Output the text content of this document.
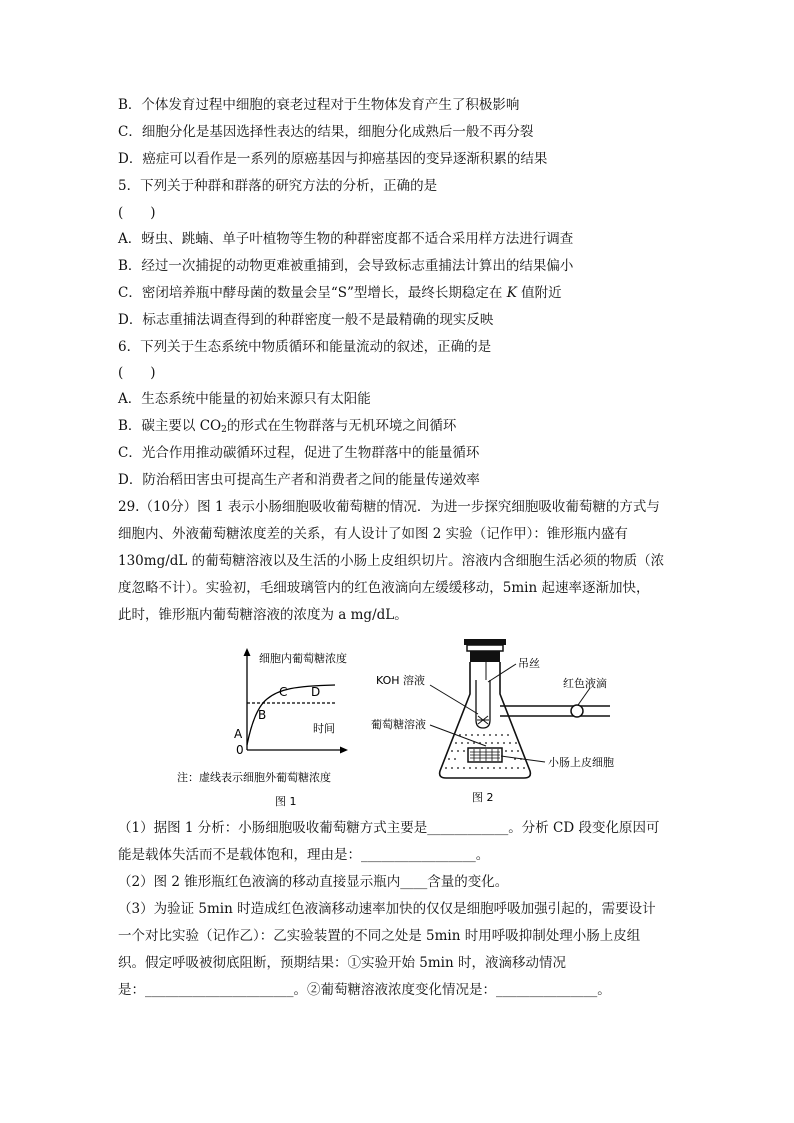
B．个体发育过程中细胞的衰老过程对于生物体发育产生了积极影响
C．细胞分化是基因选择性表达的结果，细胞分化成熟后一般不再分裂
D．癌症可以看作是一系列的原癌基因与抑癌基因的变异逐渐积累的结果
5．下列关于种群和群落的研究方法的分析，正确的是
(　　)
A．蚜虫、跳蝻、单子叶植物等生物的种群密度都不适合采用样方法进行调查
B．经过一次捕捉的动物更难被重捕到，会导致标志重捕法计算出的结果偏小
C．密闭培养瓶中酵母菌的数量会呈“S”型增长，最终长期稳定在 K 值附近
D．标志重捕法调查得到的种群密度一般不是最精确的现实反映
6．下列关于生态系统中物质循环和能量流动的叙述，正确的是
(　　)
A．生态系统中能量的初始来源只有太阳能
B．碳主要以 $CO_2$的形式在生物群落与无机环境之间循环
C．光合作用推动碳循环过程，促进了生物群落中的能量循环
D．防治稻田害虫可提高生产者和消费者之间的能量传递效率
29.（10分）图 1 表示小肠细胞吸收葡萄糖的情况．为进一步探究细胞吸收葡萄糖的方式与
细胞内、外液葡萄糖浓度差的关系，有人设计了如图 2 实验（记作甲）：锥形瓶内盛有
130mg/dL 的葡萄糖溶液以及生活的小肠上皮组织切片。溶液内含细胞生活必须的物质（浓
度忽略不计）。实验初，毛细玻璃管内的红色液滴向左缓缓移动，5min 起速率逐渐加快，
此时，锥形瓶内葡萄糖溶液的浓度为 a mg/dL。
细胞内葡萄糖浓度
时间
0
A
B
C D
注：虚线表示细胞外葡萄糖浓度
图 1
KOH 溶液
葡萄糖溶液
吊丝
红色液滴
小肠上皮细胞
图 2
（1）据图 1 分析：小肠细胞吸收葡萄糖方式主要是____________。分析 CD 段变化原因可
能是载体失活而不是载体饱和，理由是：_________________。
（2）图 2 锥形瓶红色液滴的移动直接显示瓶内____含量的变化。
（3）为验证 5min 时造成红色液滴移动速率加快的仅仅是细胞呼吸加强引起的，需要设计
一个对比实验（记作乙）：乙实验装置的不同之处是 5min 时用呼吸抑制处理小肠上皮组
织。假定呼吸被彻底阻断，预期结果：①实验开始 5min 时，液滴移动情况
是：______________________。②葡萄糖溶液浓度变化情况是：_______________。
